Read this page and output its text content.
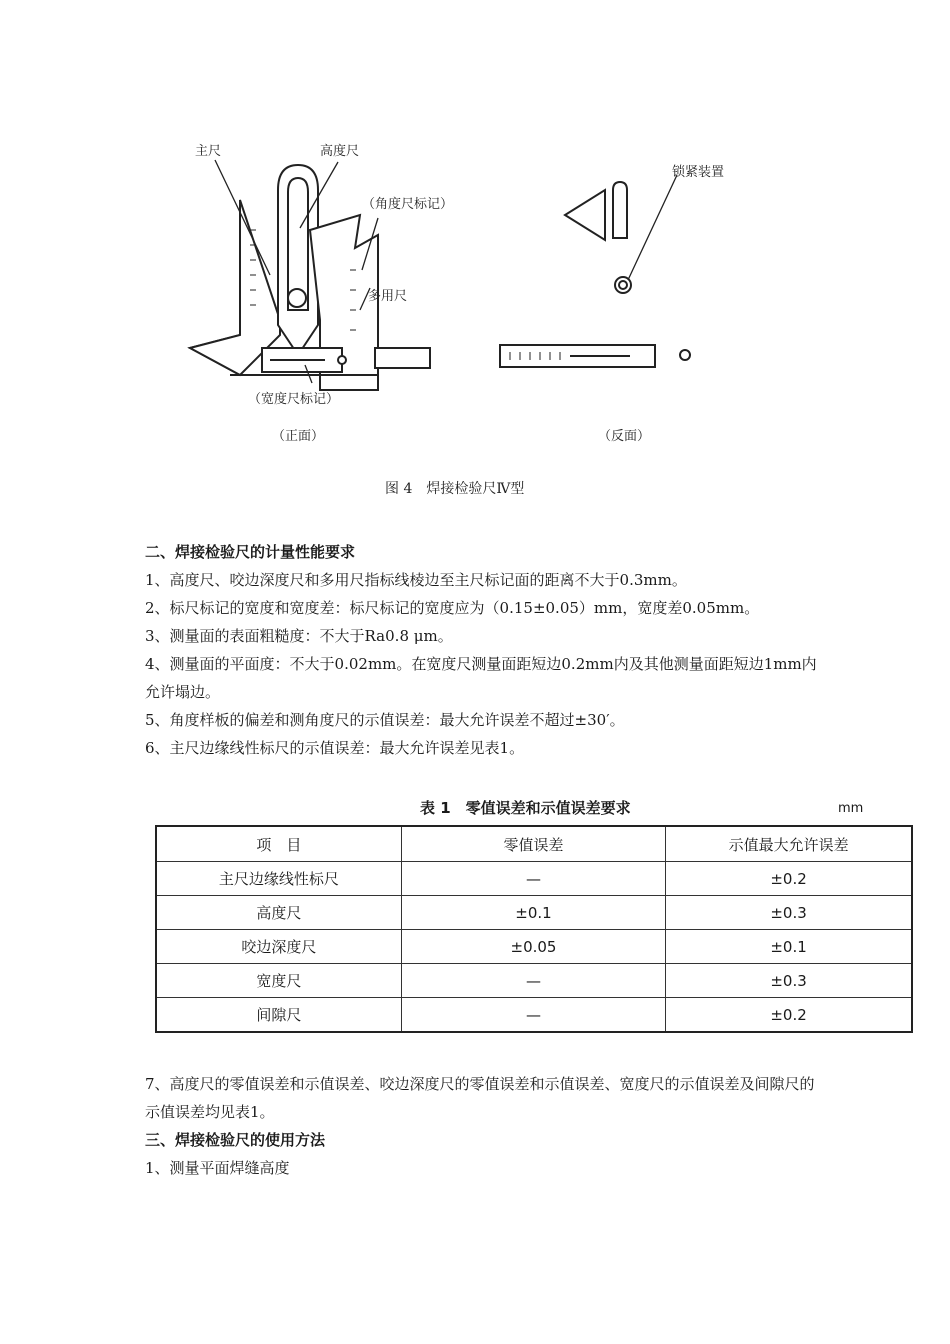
主尺	高度尺
（角度尺标记）
多用尺
（宽度尺标记）
（正面）
锁紧装置
（反面）
图 4　焊接检验尺Ⅳ型

二、焊接检验尺的计量性能要求

1、高度尺、咬边深度尺和多用尺指标线棱边至主尺标记面的距离不大于0.3mm。

2、标尺标记的宽度和宽度差：标尺标记的宽度应为（0.15±0.05）mm，宽度差0.05mm。

3、测量面的表面粗糙度：不大于Ra0.8 μm。

4、测量面的平面度：不大于0.02mm。在宽度尺测量面距短边0.2mm内及其他测量面距短边1mm内允许塌边。

5、角度样板的偏差和测角度尺的示值误差：最大允许误差不超过±30′。

6、主尺边缘线性标尺的示值误差：最大允许误差见表1。

表 1　零值误差和示值误差要求	mm
项　目	零值误差	示值最大允许误差
主尺边缘线性标尺	—	±0.2
高度尺	±0.1	±0.3
咬边深度尺	±0.05	±0.1
宽度尺	—	±0.3
间隙尺	—	±0.2

7、高度尺的零值误差和示值误差、咬边深度尺的零值误差和示值误差、宽度尺的示值误差及间隙尺的示值误差均见表1。

三、焊接检验尺的使用方法

1、测量平面焊缝高度
